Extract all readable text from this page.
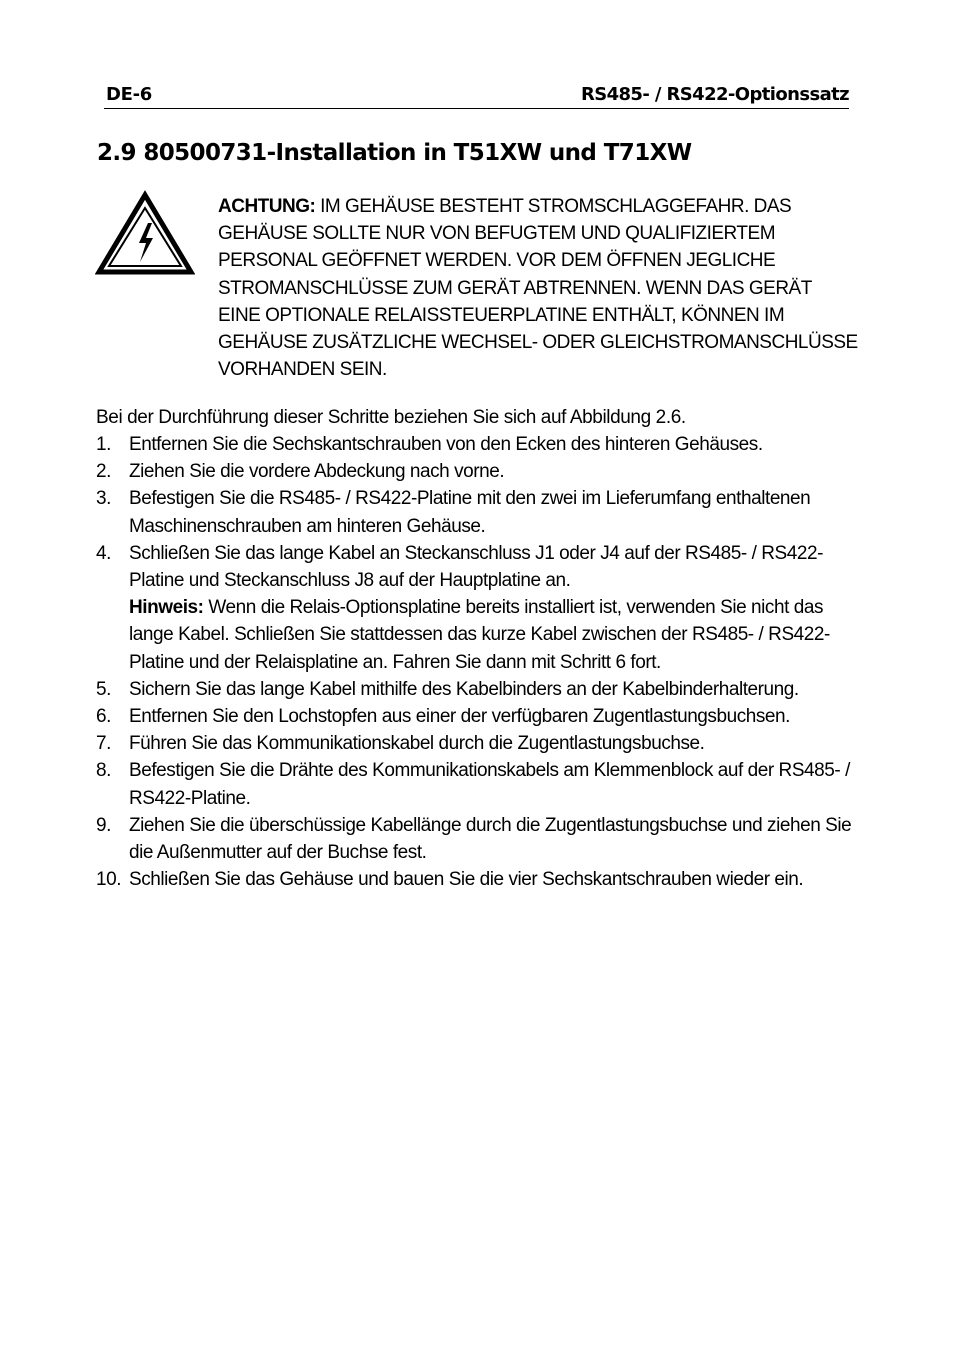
DE-6	RS485- / RS422-Optionssatz
2.9 80500731-Installation in T51XW und T71XW
ACHTUNG: IM GEHÄUSE BESTEHT STROMSCHLAGGEFAHR. DAS GEHÄUSE SOLLTE NUR VON BEFUGTEM UND QUALIFIZIERTEM PERSONAL GEÖFFNET WERDEN. VOR DEM ÖFFNEN JEGLICHE STROMANSCHLÜSSE ZUM GERÄT ABTRENNEN. WENN DAS GERÄT EINE OPTIONALE RELAISSTEUERPLATINE ENTHÄLT, KÖNNEN IM GEHÄUSE ZUSÄTZLICHE WECHSEL- ODER GLEICHSTROMANSCHLÜSSE VORHANDEN SEIN.
Bei der Durchführung dieser Schritte beziehen Sie sich auf Abbildung 2.6.
1. Entfernen Sie die Sechskantschrauben von den Ecken des hinteren Gehäuses.
2. Ziehen Sie die vordere Abdeckung nach vorne.
3. Befestigen Sie die RS485- / RS422-Platine mit den zwei im Lieferumfang enthaltenen Maschinenschrauben am hinteren Gehäuse.
4. Schließen Sie das lange Kabel an Steckanschluss J1 oder J4 auf der RS485- / RS422-Platine und Steckanschluss J8 auf der Hauptplatine an.
Hinweis: Wenn die Relais-Optionsplatine bereits installiert ist, verwenden Sie nicht das lange Kabel. Schließen Sie stattdessen das kurze Kabel zwischen der RS485- / RS422-Platine und der Relaisplatine an. Fahren Sie dann mit Schritt 6 fort.
5. Sichern Sie das lange Kabel mithilfe des Kabelbinders an der Kabelbinderhalterung.
6. Entfernen Sie den Lochstopfen aus einer der verfügbaren Zugentlastungsbuchsen.
7. Führen Sie das Kommunikationskabel durch die Zugentlastungsbuchse.
8. Befestigen Sie die Drähte des Kommunikationskabels am Klemmenblock auf der RS485- / RS422-Platine.
9. Ziehen Sie die überschüssige Kabellänge durch die Zugentlastungsbuchse und ziehen Sie die Außenmutter auf der Buchse fest.
10. Schließen Sie das Gehäuse und bauen Sie die vier Sechskantschrauben wieder ein.
